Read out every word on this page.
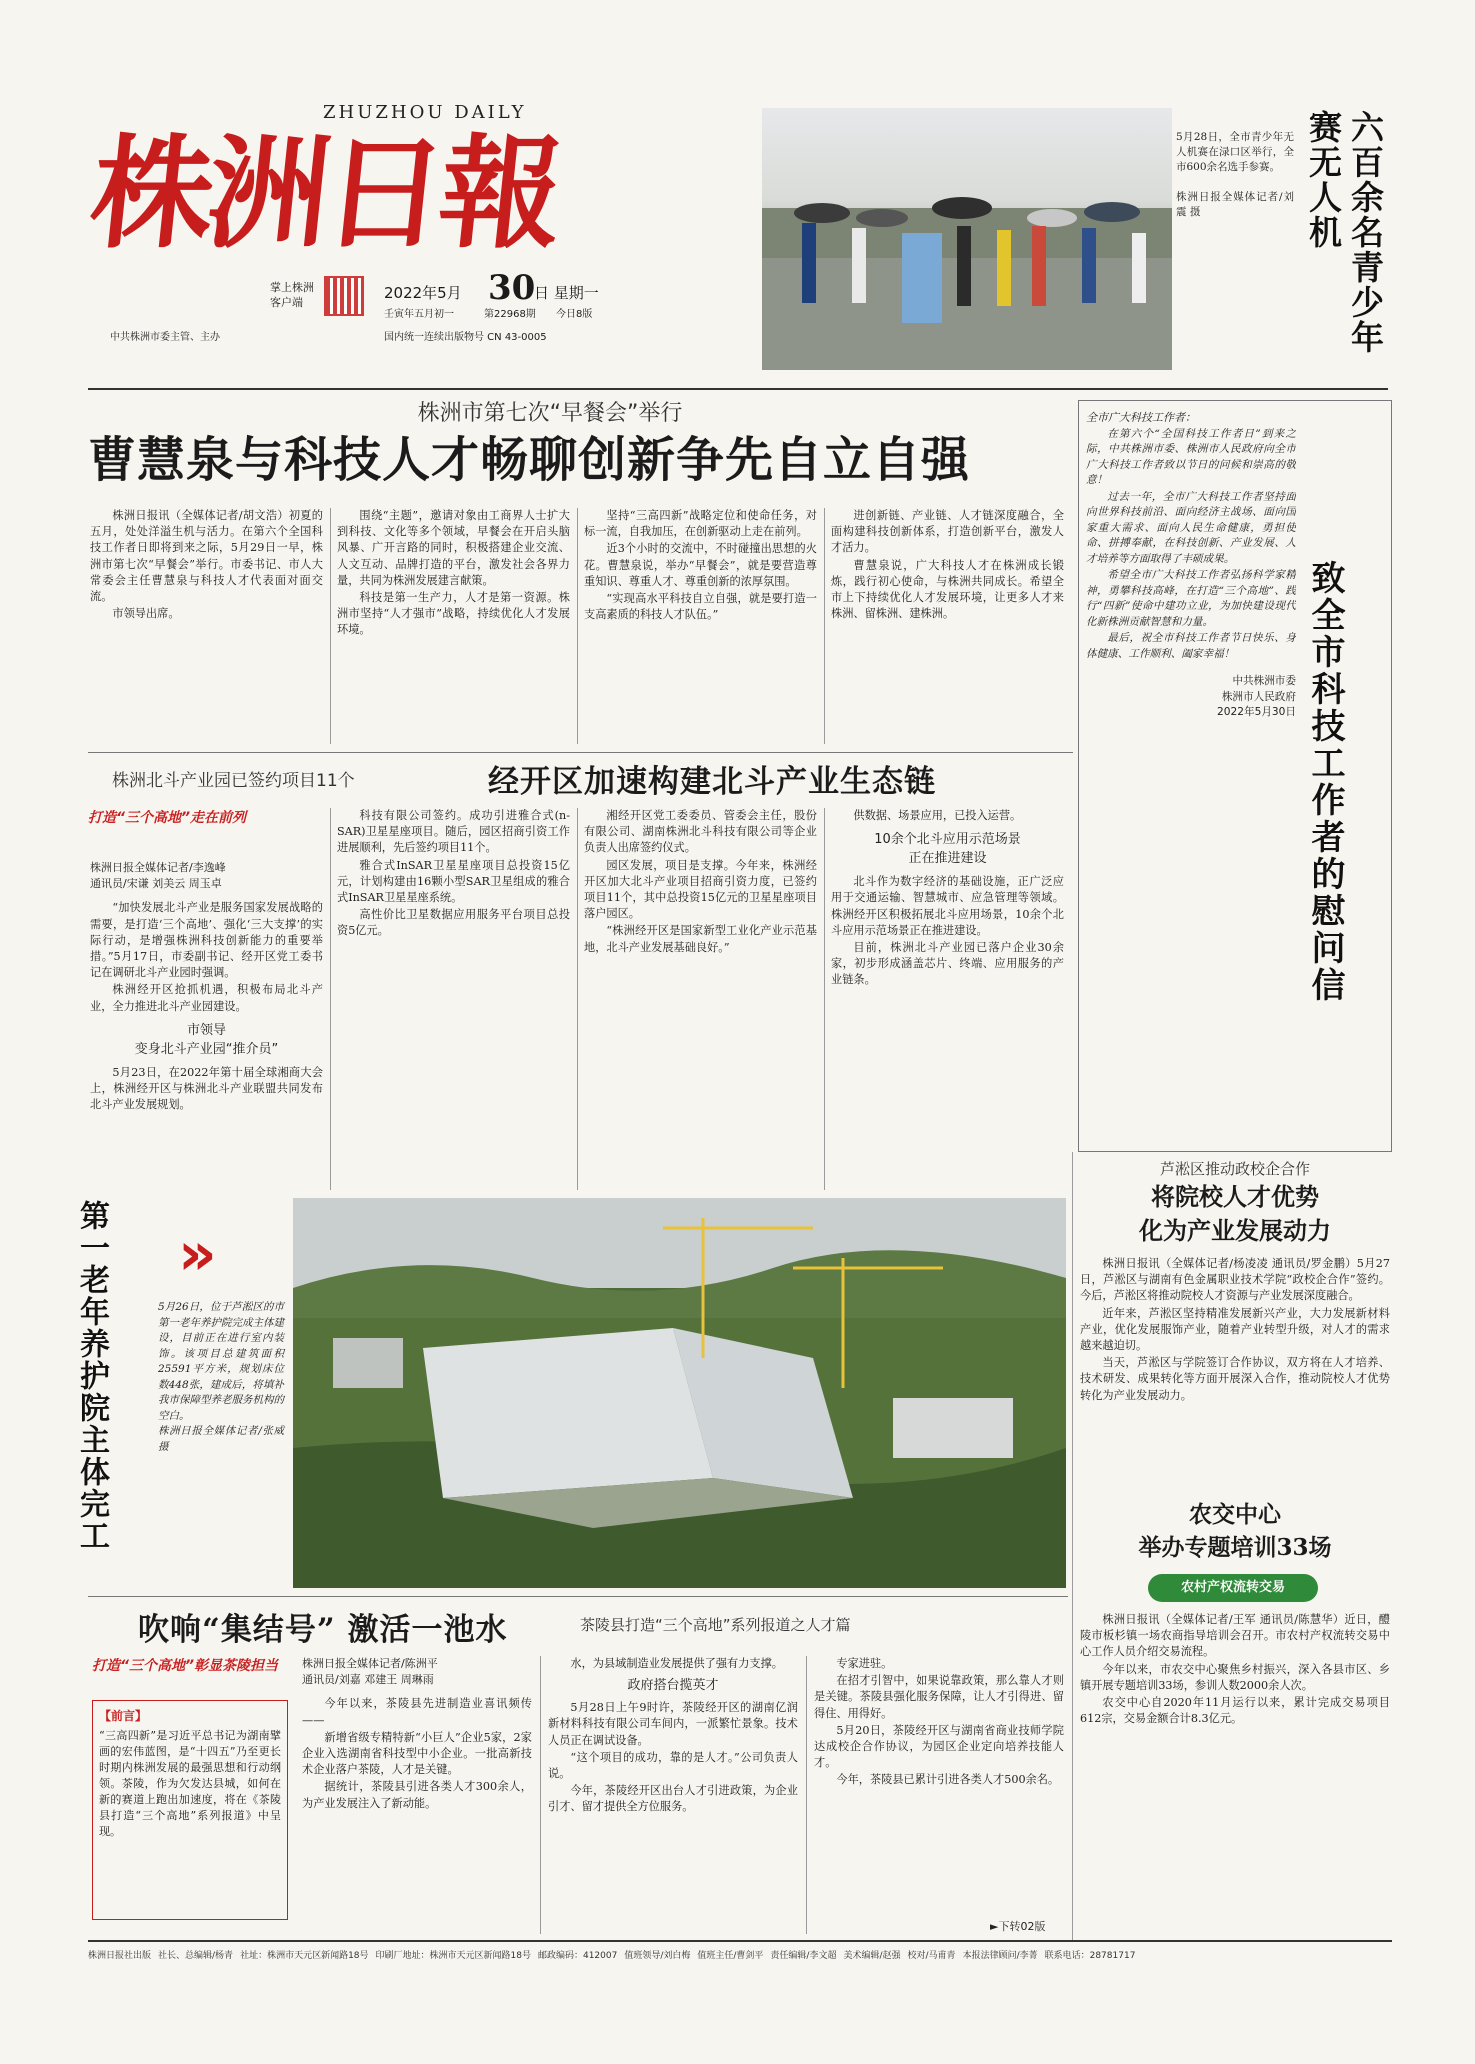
ZHUZHOU DAILY
株洲日報
掌上株洲
客户端
2022年5月 30
日 星期一
壬寅年五月初一	第22968期 今日8版
中共株洲市委主管、主办	国内统一连续出版物号 CN 43-0005
5月28日，全市青少年无人机赛在渌口区举行，全市600余名选手参赛。

株洲日报全媒体记者/刘震 摄	六百余名青少年赛无人机
株洲市第七次“早餐会”举行
曹慧泉与科技人才畅聊创新争先自立自强

株洲日报讯（全媒体记者/胡文浩）初夏的五月，处处洋溢生机与活力。在第六个全国科技工作者日即将到来之际，5月29日一早，株洲市第七次“早餐会”举行。市委书记、市人大常委会主任曹慧泉与科技人才代表面对面交流。

市领导出席。

围绕“主题”，邀请对象由工商界人士扩大到科技、文化等多个领域，早餐会在开启头脑风暴、广开言路的同时，积极搭建企业交流、人文互动、品牌打造的平台，激发社会各界力量，共同为株洲发展建言献策。

科技是第一生产力，人才是第一资源。株洲市坚持“人才强市”战略，持续优化人才发展环境。

坚持“三高四新”战略定位和使命任务，对标一流，自我加压，在创新驱动上走在前列。

近3个小时的交流中，不时碰撞出思想的火花。曹慧泉说，举办“早餐会”，就是要营造尊重知识、尊重人才、尊重创新的浓厚氛围。

“实现高水平科技自立自强，就是要打造一支高素质的科技人才队伍。”

进创新链、产业链、人才链深度融合，全面构建科技创新体系，打造创新平台，激发人才活力。

曹慧泉说，广大科技人才在株洲成长锻炼，践行初心使命，与株洲共同成长。希望全市上下持续优化人才发展环境，让更多人才来株洲、留株洲、建株洲。

株洲北斗产业园已签约项目11个	经开区加速构建北斗产业生态链
打造“三个高地”走在前列

株洲日报全媒体记者/李逸峰
通讯员/宋谦 刘美云 周玉卓

“加快发展北斗产业是服务国家发展战略的需要，是打造‘三个高地’、强化‘三大支撑’的实际行动，是增强株洲科技创新能力的重要举措。”5月17日，市委副书记、经开区党工委书记在调研北斗产业园时强调。

株洲经开区抢抓机遇，积极布局北斗产业，全力推进北斗产业园建设。

市领导
变身北斗产业园“推介员”

5月23日，在2022年第十届全球湘商大会上，株洲经开区与株洲北斗产业联盟共同发布北斗产业发展规划。

科技有限公司签约。成功引进雅合式(n-SAR)卫星星座项目。随后，园区招商引资工作进展顺利，先后签约项目11个。

雅合式InSAR卫星星座项目总投资15亿元，计划构建由16颗小型SAR卫星组成的雅合式InSAR卫星星座系统。

高性价比卫星数据应用服务平台项目总投资5亿元。

湘经开区党工委委员、管委会主任，股份有限公司、湖南株洲北斗科技有限公司等企业负责人出席签约仪式。

园区发展，项目是支撑。今年来，株洲经开区加大北斗产业项目招商引资力度，已签约项目11个，其中总投资15亿元的卫星星座项目落户园区。

“株洲经开区是国家新型工业化产业示范基地，北斗产业发展基础良好。”

供数据、场景应用，已投入运营。

10余个北斗应用示范场景
正在推进建设

北斗作为数字经济的基础设施，正广泛应用于交通运输、智慧城市、应急管理等领域。株洲经开区积极拓展北斗应用场景，10余个北斗应用示范场景正在推进建设。

目前，株洲北斗产业园已落户企业30余家，初步形成涵盖芯片、终端、应用服务的产业链条。

全市广大科技工作者：

在第六个“全国科技工作者日”到来之际，中共株洲市委、株洲市人民政府向全市广大科技工作者致以节日的问候和崇高的敬意！

过去一年，全市广大科技工作者坚持面向世界科技前沿、面向经济主战场、面向国家重大需求、面向人民生命健康，勇担使命、拼搏奉献，在科技创新、产业发展、人才培养等方面取得了丰硕成果。

希望全市广大科技工作者弘扬科学家精神，勇攀科技高峰，在打造“三个高地”、践行“四新”使命中建功立业，为加快建设现代化新株洲贡献智慧和力量。

最后，祝全市科技工作者节日快乐、身体健康、工作顺利、阖家幸福！

中共株洲市委
株洲市人民政府
2022年5月30日 致全市科技工作者的慰问信
芦淞区推动政校企合作
将院校人才优势
化为产业发展动力

株洲日报讯（全媒体记者/杨凌凌 通讯员/罗金鹏）5月27日，芦淞区与湖南有色金属职业技术学院“政校企合作”签约。今后，芦淞区将推动院校人才资源与产业发展深度融合。

近年来，芦淞区坚持精准发展新兴产业，大力发展新材料产业，优化发展服饰产业，随着产业转型升级，对人才的需求越来越迫切。

当天，芦淞区与学院签订合作协议，双方将在人才培养、技术研发、成果转化等方面开展深入合作，推动院校人才优势转化为产业发展动力。

农交中心
举办专题培训33场
农村产权流转交易

株洲日报讯（全媒体记者/王军 通讯员/陈慧华）近日，醴陵市板杉镇一场农商指导培训会召开。市农村产权流转交易中心工作人员介绍交易流程。

今年以来，市农交中心聚焦乡村振兴，深入各县市区、乡镇开展专题培训33场，参训人数2000余人次。

农交中心自2020年11月运行以来，累计完成交易项目612宗，交易金额合计8.3亿元。

第一老年养护院主体完工 »
5月26日，位于芦淞区的市第一老年养护院完成主体建设，目前正在进行室内装饰。该项目总建筑面积25591平方米，规划床位数448张，建成后，将填补我市保障型养老服务机构的空白。
株洲日报全媒体记者/张威 摄
吹响“集结号” 激活一池水	茶陵县打造“三个高地”系列报道之人才篇
打造“三个高地”彰显茶陵担当
【前言】
“三高四新”是习近平总书记为湖南擘画的宏伟蓝图，是“十四五”乃至更长时期内株洲发展的最强思想和行动纲领。茶陵，作为欠发达县城，如何在新的赛道上跑出加速度，将在《茶陵县打造“三个高地”系列报道》中呈现。

株洲日报全媒体记者/陈洲平
通讯员/刘嘉 邓建王 周琳雨

今年以来，茶陵县先进制造业喜讯频传——

新增省级专精特新“小巨人”企业5家，2家企业入选湖南省科技型中小企业。一批高新技术企业落户茶陵，人才是关键。

据统计，茶陵县引进各类人才300余人，为产业发展注入了新动能。

水，为县域制造业发展提供了强有力支撑。

政府搭台揽英才

5月28日上午9时许，茶陵经开区的湖南亿润新材料科技有限公司车间内，一派繁忙景象。技术人员正在调试设备。

“这个项目的成功，靠的是人才。”公司负责人说。

今年，茶陵经开区出台人才引进政策，为企业引才、留才提供全方位服务。

专家进驻。

在招才引智中，如果说靠政策，那么靠人才则是关键。茶陵县强化服务保障，让人才引得进、留得住、用得好。

5月20日，茶陵经开区与湖南省商业技师学院达成校企合作协议，为园区企业定向培养技能人才。

今年，茶陵县已累计引进各类人才500余名。

►下转02版
株洲日报社出版 社长、总编辑/杨青 社址：株洲市天元区新闻路18号 印刷厂地址：株洲市天元区新闻路18号 邮政编码：412007 值班领导/刘白梅 值班主任/曹剑平 责任编辑/李文超 美术编辑/赵强 校对/马甫青 本报法律顾问/李菁 联系电话：28781717
